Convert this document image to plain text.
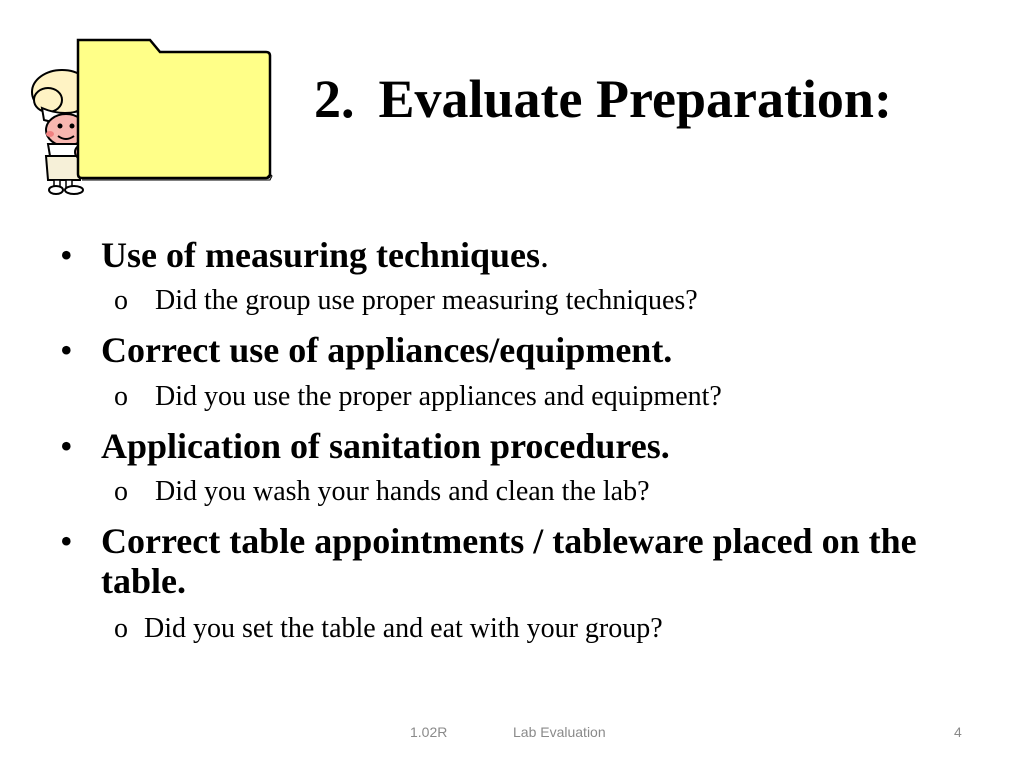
2. Evaluate Preparation:
• Use of measuring techniques.
o Did the group use proper measuring techniques?
• Correct use of appliances/equipment.
o Did you use the proper appliances and equipment?
• Application of sanitation procedures.
o Did you wash your hands and clean the lab?
• Correct table appointments / tableware placed on the table.
o Did you set the table and eat with your group?
1.02R	Lab Evaluation	4
